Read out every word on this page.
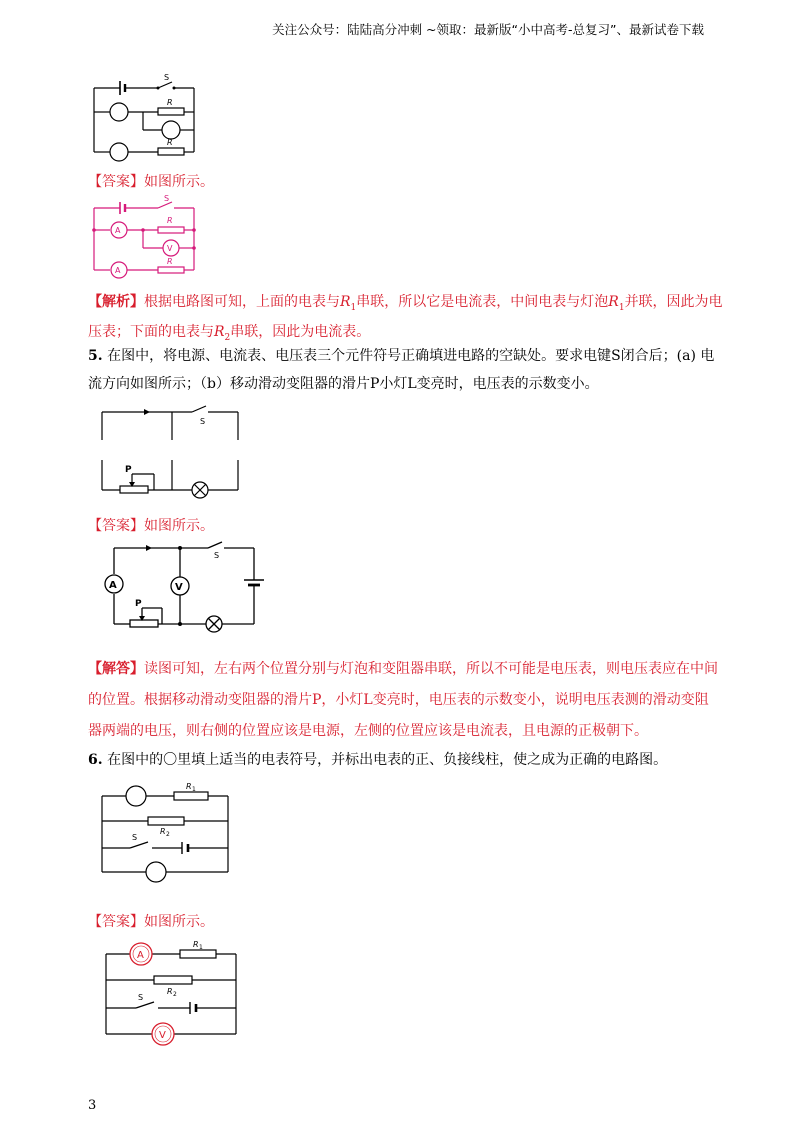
关注公众号：陆陆高分冲刺 ~领取：最新版“小中高考-总复习”、最新试卷下载
S
R
R
【答案】如图所示。
S
R
R
A
V
A
【解析】根据电路图可知，上面的电表与$R_1$串联，所以它是电流表，中间电表与灯泡$R_1$并联，因此为电
压表；下面的电表与$R_2$串联，因此为电流表。
5. 在图中，将电源、电流表、电压表三个元件符号正确填进电路的空缺处。要求电键S闭合后；(a) 电
流方向如图所示；（b）移动滑动变阻器的滑片P小灯L变亮时，电压表的示数变小。
S
P
【答案】如图所示。
S
P
A	V
【解答】读图可知，左右两个位置分别与灯泡和变阻器串联，所以不可能是电压表，则电压表应在中间
的位置。根据移动滑动变阻器的滑片P，小灯L变亮时，电压表的示数变小，说明电压表测的滑动变阻
器两端的电压，则右侧的位置应该是电源，左侧的位置应该是电流表，且电源的正极朝下。
6. 在图中的〇里填上适当的电表符号，并标出电表的正、负接线柱，使之成为正确的电路图。
R 1
R 2
S
【答案】如图所示。
A
V
R 1
R 2
S
3
